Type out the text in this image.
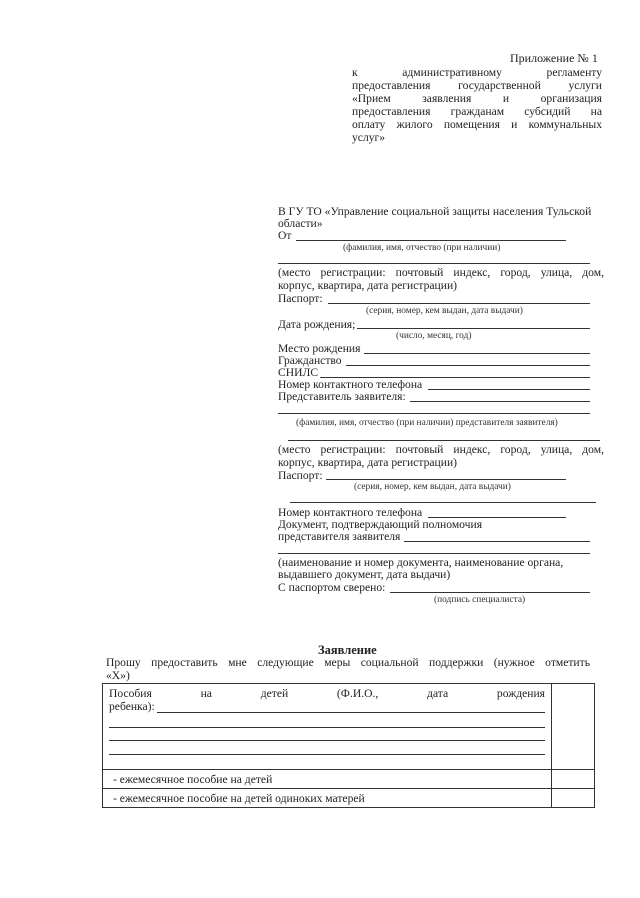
Приложение № 1
к административному регламенту
предоставления государственной услуги
«Прием заявления и организация
предоставления гражданам субсидий на
оплату жилого помещения и коммунальных
услуг»
В ГУ ТО «Управление социальной защиты населения Тульской
области»
От
(фамилия, имя, отчество (при наличии)
(место регистрации: почтовый индекс, город, улица, дом,
корпус, квартира, дата регистрации)
Паспорт:
(серия, номер, кем выдан, дата выдачи)
Дата рождения;
(число, месяц, год)
Место рождения
Гражданство
СНИЛС
Номер контактного телефона
Представитель заявителя:
(фамилия, имя, отчество (при наличии) представителя заявителя)
(место регистрации: почтовый индекс, город, улица, дом,
корпус, квартира, дата регистрации)
Паспорт:
(серия, номер, кем выдан, дата выдачи)
Номер контактного телефона
Документ, подтверждающий полномочия
представителя заявителя
(наименование и номер документа, наименование органа,
выдавшего документ, дата выдачи)
С паспортом сверено:
(подпись специалиста)
Заявление
Прошу предоставить мне следующие меры социальной поддержки (нужное отметить
«Х»)
Пособия на детей (Ф.И.О., дата рождения
ребенка):	

- ежемесячное пособие на детей	
- ежемесячное пособие на детей одиноких матерей	
